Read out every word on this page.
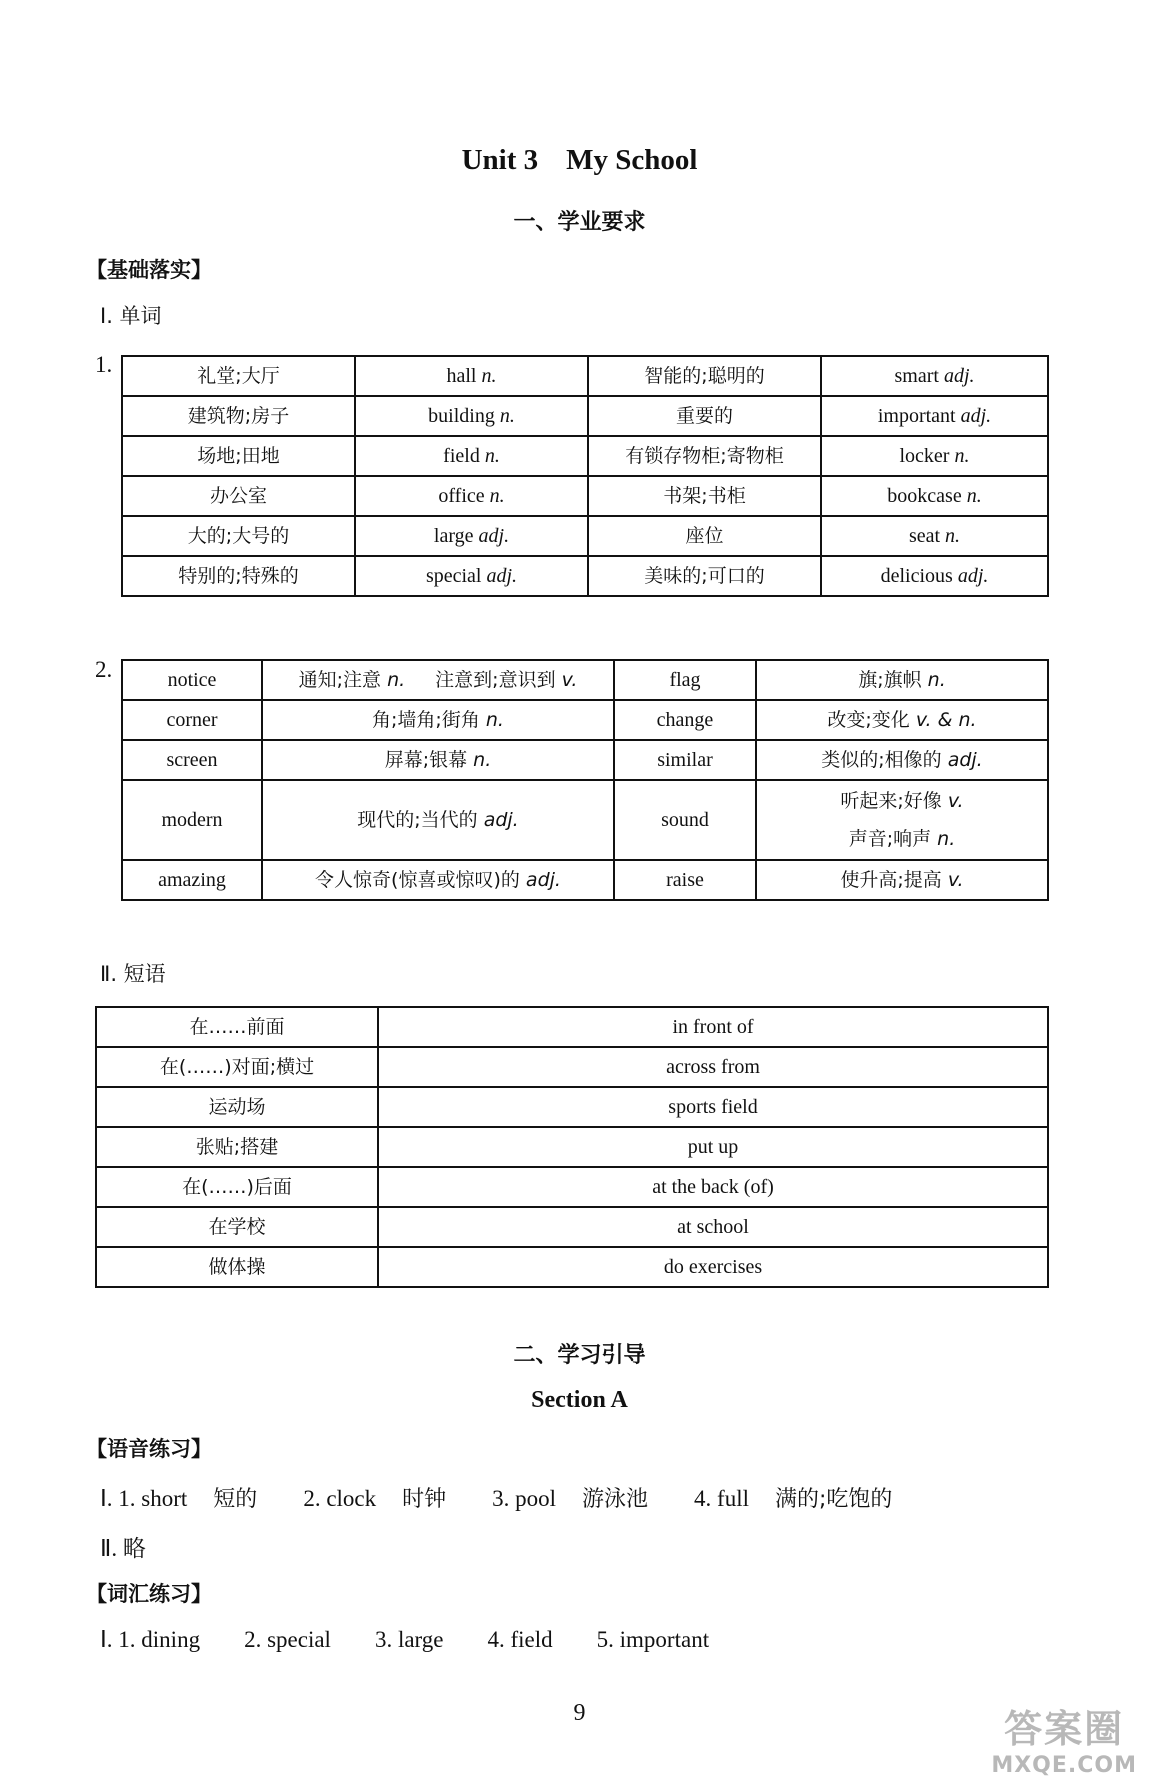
Unit 3 My School
一、学业要求
【基础落实】
Ⅰ. 单词
1.	礼堂;大厅	hall n.	智能的;聪明的	smart adj.
建筑物;房子	building n.	重要的	important adj.
场地;田地	field n.	有锁存物柜;寄物柜	locker n.
办公室	office n.	书架;书柜	bookcase n.
大的;大号的	large adj.	座位	seat n.
特别的;特殊的	special adj.	美味的;可口的	delicious adj.
2.	notice	通知;注意 n. 注意到;意识到 v.	flag	旗;旗帜 n.

corner	角;墙角;街角 n.	change	改变;变化 v. & n.

screen	屏幕;银幕 n.	similar	类似的;相像的 adj.

modern	现代的;当代的 adj.	sound	听起来;好像 v.
声音;响声 n.

amazing	令人惊奇(惊喜或惊叹)的 adj.	raise	使升高;提高 v.
Ⅱ. 短语
在……前面	in front of
在(……)对面;横过	across from
运动场	sports field
张贴;搭建	put up
在(……)后面	at the back (of)
在学校	at school
做体操	do exercises
二、学习引导
Section A
【语音练习】
Ⅰ. 1. short 短的 2. clock 时钟 3. pool 游泳池 4. full 满的;吃饱的
Ⅱ. 略
【词汇练习】
Ⅰ. 1. dining 2. special 3. large 4. field 5. important
9	答案圈
MXQE.COM
